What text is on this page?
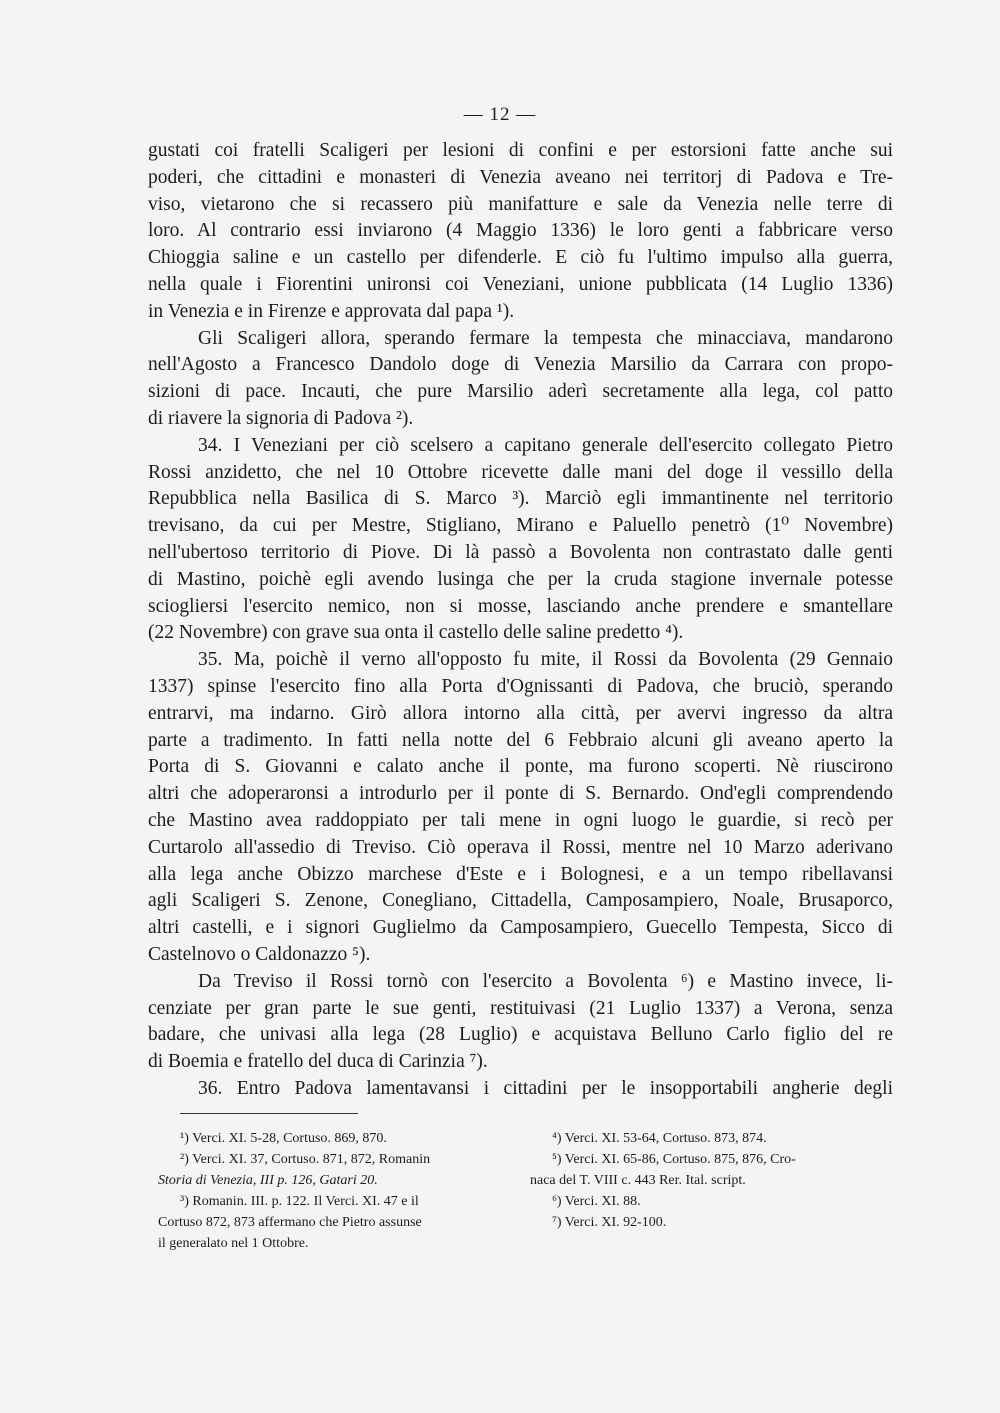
— 12 —
gustati coi fratelli Scaligeri per lesioni di confini e per estorsioni fatte anche sui
poderi, che cittadini e monasteri di Venezia aveano nei territorj di Padova e Tre-
viso, vietarono che si recassero più manifatture e sale da Venezia nelle terre di
loro. Al contrario essi inviarono (4 Maggio 1336) le loro genti a fabbricare verso
Chioggia saline e un castello per difenderle. E ciò fu l'ultimo impulso alla guerra,
nella quale i Fiorentini unironsi coi Veneziani, unione pubblicata (14 Luglio 1336)
in Venezia e in Firenze e approvata dal papa ¹).
Gli Scaligeri allora, sperando fermare la tempesta che minacciava, mandarono
nell'Agosto a Francesco Dandolo doge di Venezia Marsilio da Carrara con propo-
sizioni di pace. Incauti, che pure Marsilio aderì secretamente alla lega, col patto
di riavere la signoria di Padova ²).
34. I Veneziani per ciò scelsero a capitano generale dell'esercito collegato Pietro
Rossi anzidetto, che nel 10 Ottobre ricevette dalle mani del doge il vessillo della
Repubblica nella Basilica di S. Marco ³). Marciò egli immantinente nel territorio
trevisano, da cui per Mestre, Stigliano, Mirano e Paluello penetrò (1⁰ Novembre)
nell'ubertoso territorio di Piove. Di là passò a Bovolenta non contrastato dalle genti
di Mastino, poichè egli avendo lusinga che per la cruda stagione invernale potesse
sciogliersi l'esercito nemico, non si mosse, lasciando anche prendere e smantellare
(22 Novembre) con grave sua onta il castello delle saline predetto ⁴).
35. Ma, poichè il verno all'opposto fu mite, il Rossi da Bovolenta (29 Gennaio
1337) spinse l'esercito fino alla Porta d'Ognissanti di Padova, che bruciò, sperando
entrarvi, ma indarno. Girò allora intorno alla città, per avervi ingresso da altra
parte a tradimento. In fatti nella notte del 6 Febbraio alcuni gli aveano aperto la
Porta di S. Giovanni e calato anche il ponte, ma furono scoperti. Nè riuscirono
altri che adoperaronsi a introdurlo per il ponte di S. Bernardo. Ond'egli comprendendo
che Mastino avea raddoppiato per tali mene in ogni luogo le guardie, si recò per
Curtarolo all'assedio di Treviso. Ciò operava il Rossi, mentre nel 10 Marzo aderivano
alla lega anche Obizzo marchese d'Este e i Bolognesi, e a un tempo ribellavansi
agli Scaligeri S. Zenone, Conegliano, Cittadella, Camposampiero, Noale, Brusaporco,
altri castelli, e i signori Guglielmo da Camposampiero, Guecello Tempesta, Sicco di
Castelnovo o Caldonazzo ⁵).
Da Treviso il Rossi tornò con l'esercito a Bovolenta ⁶) e Mastino invece, li-
cenziate per gran parte le sue genti, restituivasi (21 Luglio 1337) a Verona, senza
badare, che univasi alla lega (28 Luglio) e acquistava Belluno Carlo figlio del re
di Boemia e fratello del duca di Carinzia ⁷).
36. Entro Padova lamentavansi i cittadini per le insopportabili angherie degli
¹) Verci. XI. 5-28, Cortuso. 869, 870.
²) Verci. XI. 37, Cortuso. 871, 872, Romanin
Storia di Venezia, III p. 126, Gatari 20.
³) Romanin. III. p. 122. Il Verci. XI. 47 e il
Cortuso 872, 873 affermano che Pietro assunse
il generalato nel 1 Ottobre.
⁴) Verci. XI. 53-64, Cortuso. 873, 874.
⁵) Verci. XI. 65-86, Cortuso. 875, 876, Cro-
naca del T. VIII c. 443 Rer. Ital. script.
⁶) Verci. XI. 88.
⁷) Verci. XI. 92-100.
